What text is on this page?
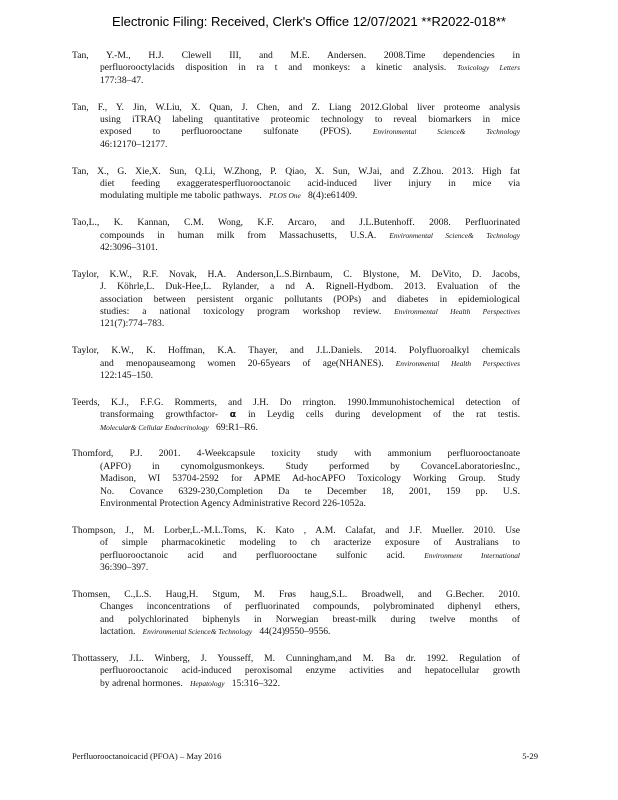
Electronic Filing: Received, Clerk's Office 12/07/2021 **R2022-018**
Tan, Y.-M., H.J. Clewell III, and M.E. Andersen. 2008.Time dependencies in
perfluorooctylacids disposition in ra t and monkeys: a kinetic analysis. Toxicology Letters
177:38–47.
Tan, F., Y. Jin, W.Liu, X. Quan, J. Chen, and Z. Liang 2012.Global liver proteome analysis
using iTRAQ labeling quantitative proteomic technology to reveal biomarkers in mice
exposed to perfluorooctane sulfonate (PFOS).	Environmental Science& Technology
46:12170–12177.
Tan, X., G. Xie,X. Sun, Q.Li, W.Zhong, P. Qiao, X. Sun, W.Jai, and Z.Zhou. 2013. High fat
diet feeding exaggeratesperfluorooctanoic acid-induced liver injury in mice via
modulating multiple me tabolic pathways. PLOS One 8(4):e61409.
Tao,L., K. Kannan, C.M. Wong, K.F. Arcaro, and J.L.Butenhoff. 2008. Perfluorinated
compounds in human milk from Massachusetts, U.S.A. Environmental Science& Technology
42:3096–3101.
Taylor, K.W., R.F. Novak, H.A. Anderson,L.S.Birnbaum, C. Blystone, M. DeVito, D. Jacobs,
J. Köhrle,L. Duk-Hee,L. Rylander, a nd A. Rignell-Hydbom. 2013. Evaluation of the
association between persistent organic pollutants (POPs) and diabetes in epidemiological
studies: a national toxicology program workshop review. Environmental Health Perspectives
121(7):774–783.
Taylor, K.W., K. Hoffman, K.A. Thayer, and J.L.Daniels. 2014. Polyfluoroalkyl chemicals
and menopauseamong women 20-65years of age(NHANES). Environmental Health Perspectives
122:145–150.
Teerds, K.J., F.F.G. Rommerts, and J.H. Do rrington. 1990.Immunohistochemical detection of
transformaing growthfactor- 𝝰 in Leydig cells during development of the rat testis.
Molecular& Cellular Endocrinology 69:R1–R6.
Thomford, P.J. 2001. 4-Weekcapsule toxicity study with ammonium perfluorooctanoate
(APFO) in cynomolgusmonkeys. Study performed by CovanceLaboratoriesInc.,
Madison, WI 53704-2592 for APME Ad-hocAPFO Toxicology Working Group. Study
No. Covance 6329-230,Completion Da te December 18, 2001, 159 pp. U.S.
Environmental Protection Agency Administrative Record 226-1052a.
Thompson, J., M. Lorber,L.-M.L.Toms, K. Kato , A.M. Calafat, and J.F. Mueller. 2010. Use
of simple pharmacokinetic modeling to ch aracterize exposure of Australians to
perfluorooctanoic acid and perfluorooctane sulfonic acid.	Environment International
36:390–397.
Thomsen, C.,L.S. Haug,H. Stgum, M. Frøs haug,S.L. Broadwell, and G.Becher. 2010.
Changes inconcentrations of perfluorinated compounds, polybrominated diphenyl ethers,
and polychlorinated biphenyls in Norwegian breast-milk during twelve months of
lactation. Environmental Science& Technology 44(24)9550–9556.
Thottassery, J.L. Winberg, J. Yousseff, M. Cunningham,and M. Ba dr. 1992. Regulation of
perfluorooctanoic acid-induced peroxisomal enzyme activities and hepatocellular growth
by adrenal hormones. Hepatology 15:316–322.
Perfluorooctanoicacid (PFOA) – May 2016	5-29
